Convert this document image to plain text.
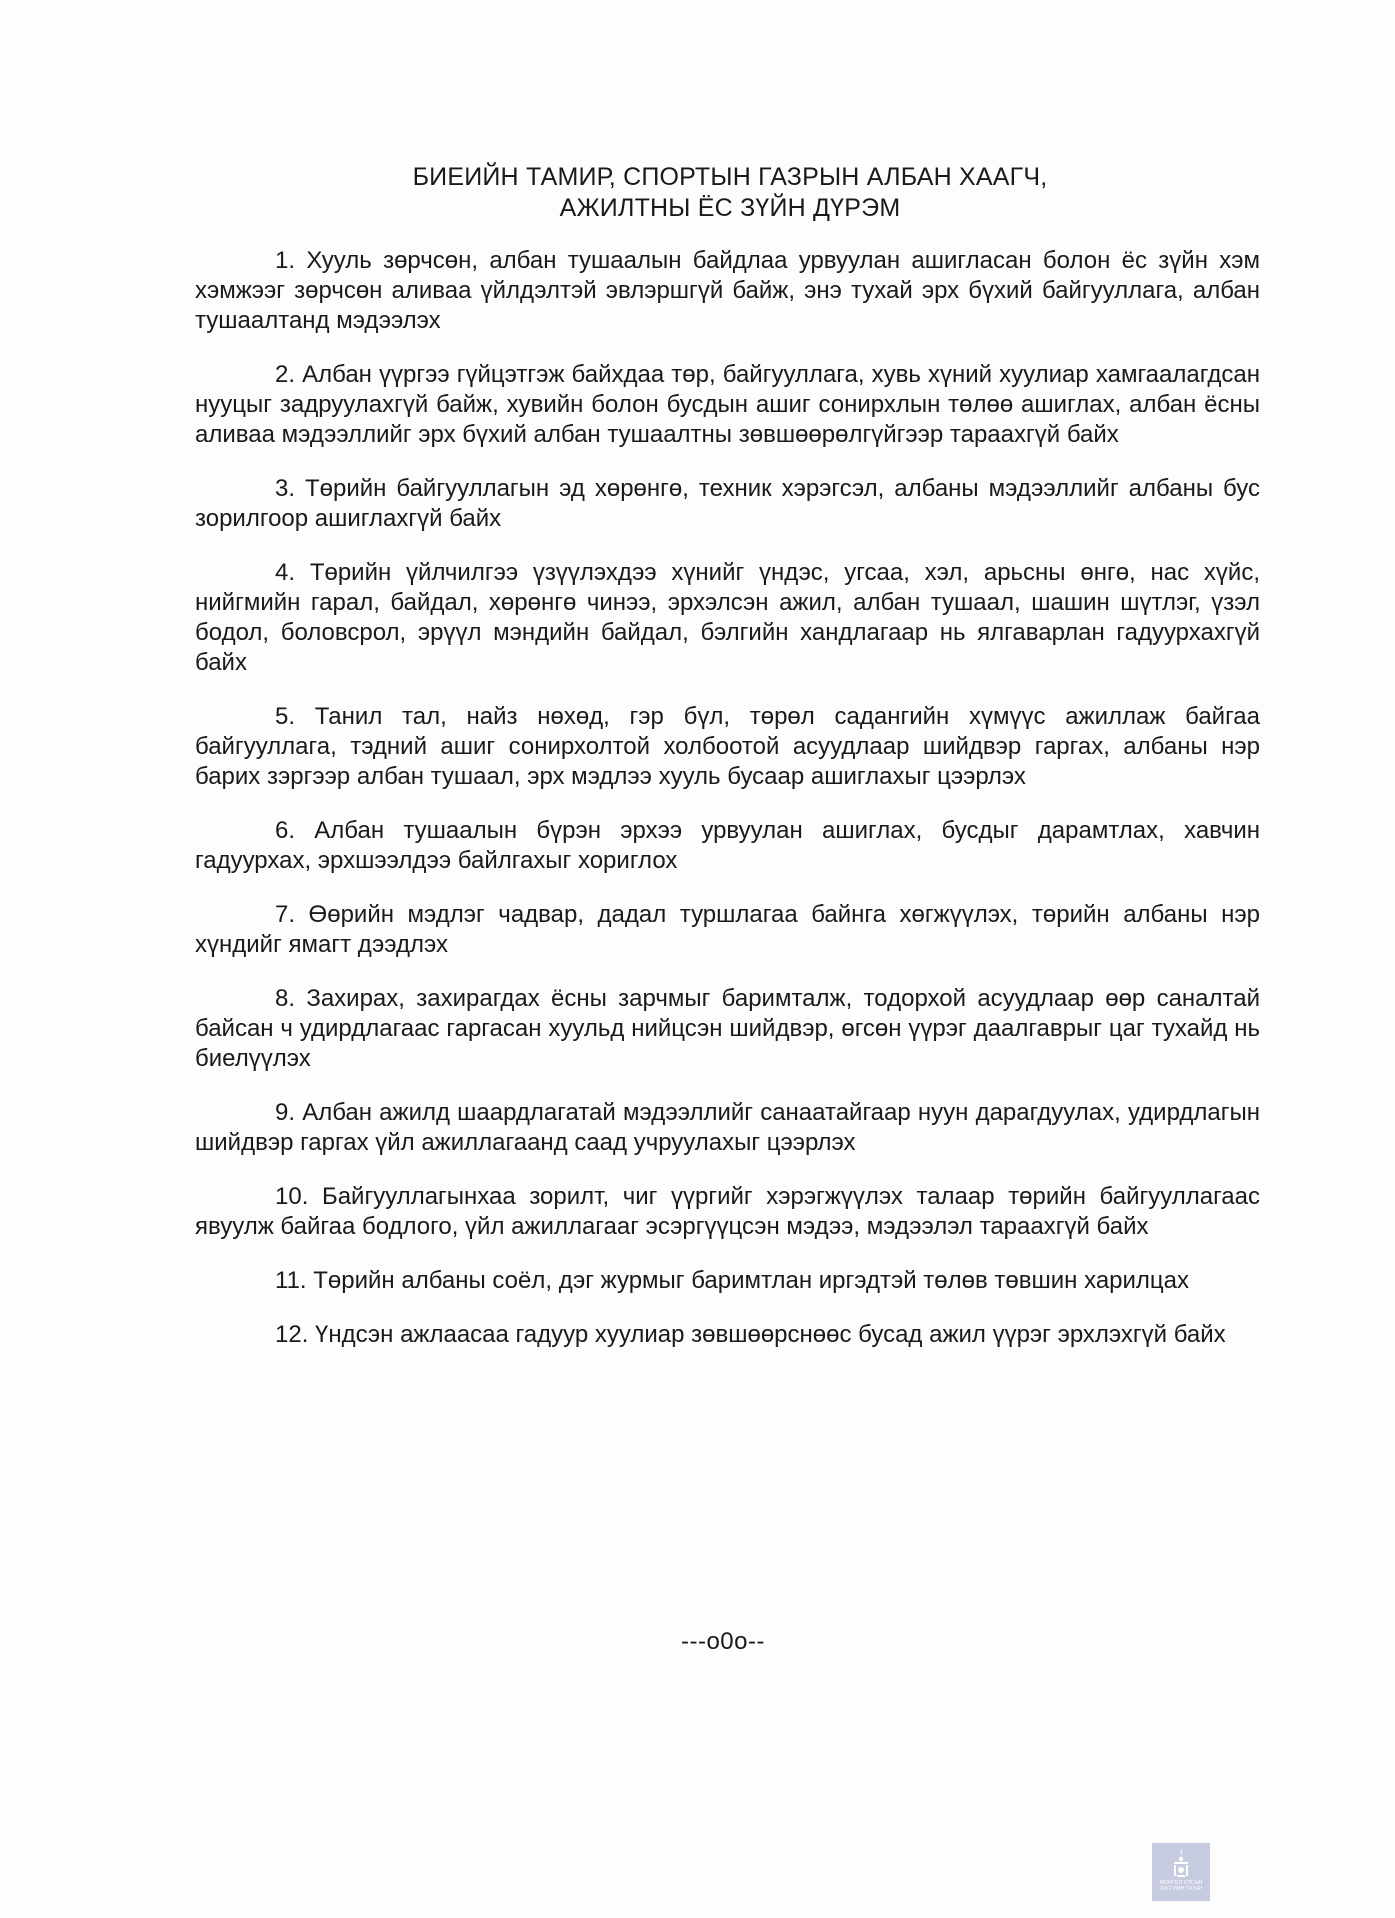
БИЕИЙН ТАМИР, СПОРТЫН ГАЗРЫН АЛБАН ХААГЧ,
АЖИЛТНЫ ЁС ЗҮЙН ДҮРЭМ

1. Хууль зөрчсөн, албан тушаалын байдлаа урвуулан ашигласан болон ёс зүйн хэм хэмжээг зөрчсөн аливаа үйлдэлтэй эвлэршгүй байж, энэ тухай эрх бүхий байгууллага, албан тушаалтанд мэдээлэх

2. Албан үүргээ гүйцэтгэж байхдаа төр, байгууллага, хувь хүний хуулиар хамгаалагдсан нууцыг задруулахгүй байж, хувийн болон бусдын ашиг сонирхлын төлөө ашиглах, албан ёсны аливаа мэдээллийг эрх бүхий албан тушаалтны зөвшөөрөлгүйгээр тараахгүй байх

3. Төрийн байгууллагын эд хөрөнгө, техник хэрэгсэл, албаны мэдээллийг албаны бус зорилгоор ашиглахгүй байх

4. Төрийн үйлчилгээ үзүүлэхдээ хүнийг үндэс, угсаа, хэл, арьсны өнгө, нас хүйс, нийгмийн гарал, байдал, хөрөнгө чинээ, эрхэлсэн ажил, албан тушаал, шашин шүтлэг, үзэл бодол, боловсрол, эрүүл мэндийн байдал, бэлгийн хандлагаар нь ялгаварлан гадуурхахгүй байх

5. Танил тал, найз нөхөд, гэр бүл, төрөл садангийн хүмүүс ажиллаж байгаа байгууллага, тэдний ашиг сонирхолтой холбоотой асуудлаар шийдвэр гаргах, албаны нэр барих зэргээр албан тушаал, эрх мэдлээ хууль бусаар ашиглахыг цээрлэх

6. Албан тушаалын бүрэн эрхээ урвуулан ашиглах, бусдыг дарамтлах, хавчин гадуурхах, эрхшээлдээ байлгахыг хориглох

7. Өөрийн мэдлэг чадвар, дадал туршлагаа байнга хөгжүүлэх, төрийн албаны нэр хүндийг ямагт дээдлэх

8. Захирах, захирагдах ёсны зарчмыг баримталж, тодорхой асуудлаар өөр саналтай байсан ч удирдлагаас гаргасан хуульд нийцсэн шийдвэр, өгсөн үүрэг даалгаврыг цаг тухайд нь биелүүлэх

9. Албан ажилд шаардлагатай мэдээллийг санаатайгаар нуун дарагдуулах, удирдлагын шийдвэр гаргах үйл ажиллагаанд саад учруулахыг цээрлэх

10. Байгууллагынхаа зорилт, чиг үүргийг хэрэгжүүлэх талаар төрийн байгууллагаас явуулж байгаа бодлого, үйл ажиллагааг эсэргүүцсэн мэдээ, мэдээлэл тараахгүй байх

11. Төрийн албаны соёл, дэг журмыг баримтлан иргэдтэй төлөв төвшин харилцах

12. Үндсэн ажлаасаа гадуур хуулиар зөвшөөрснөөс бусад ажил үүрэг эрхлэхгүй байх

---o0o--
МОНГОЛ УЛСЫН
ЗАСГИЙН ГАЗАР
